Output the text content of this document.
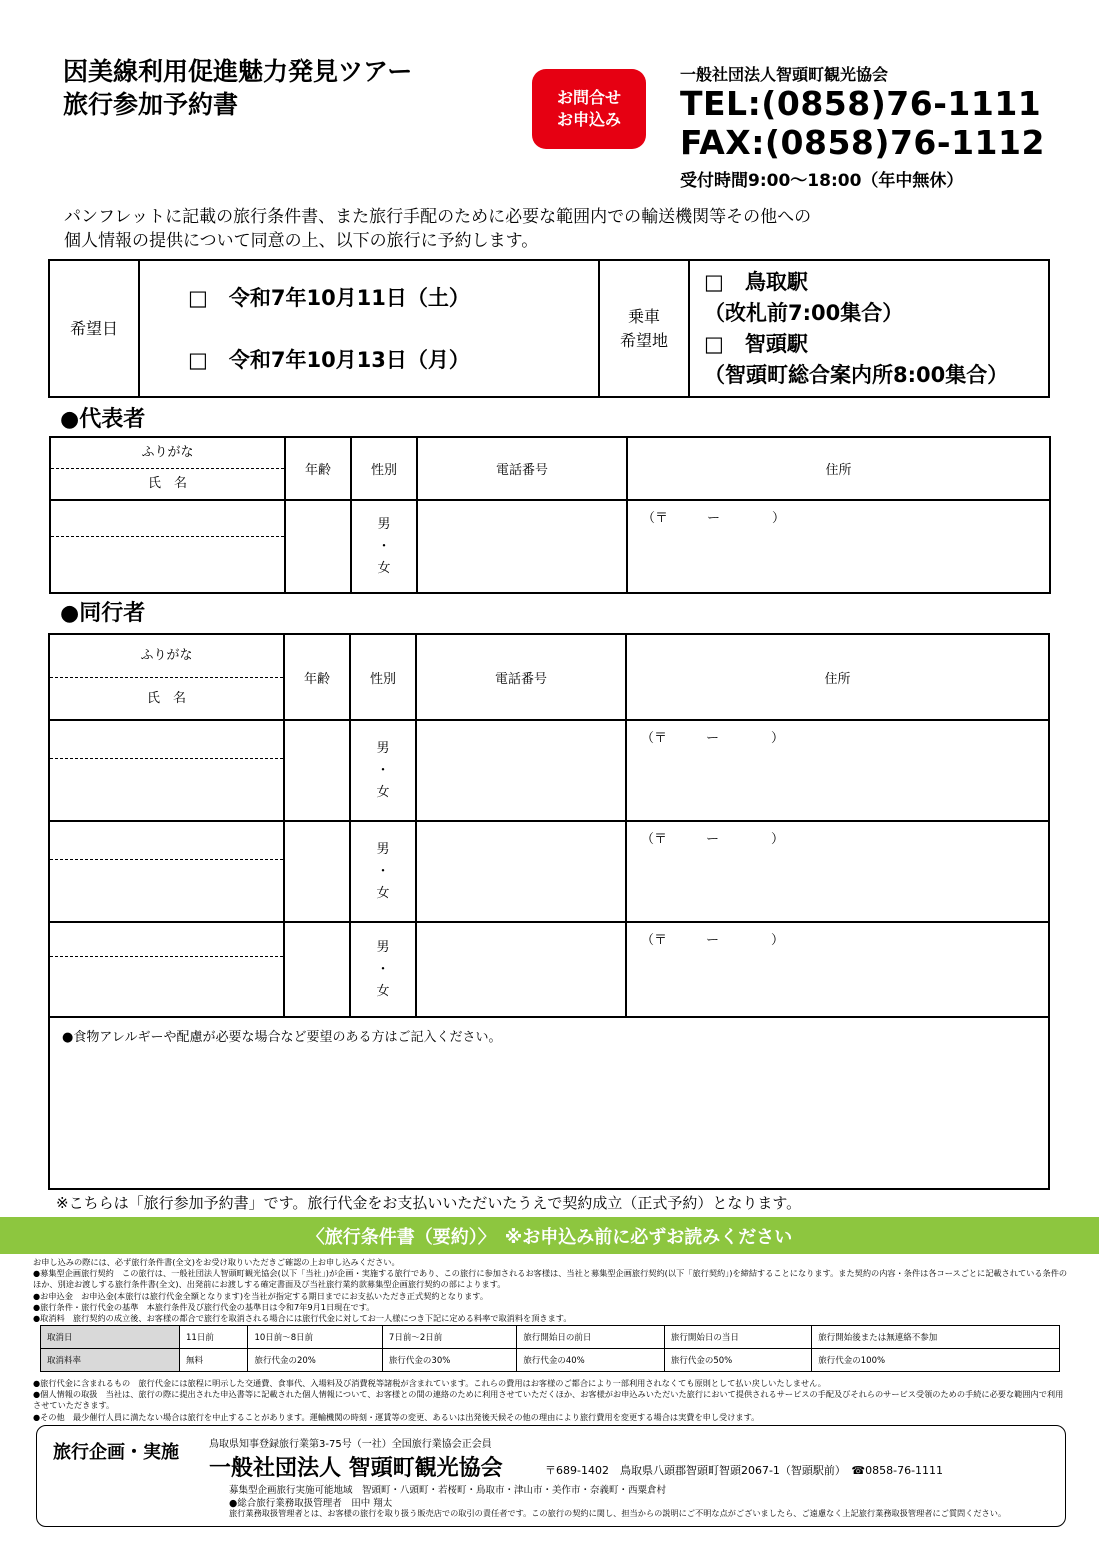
因美線利用促進魅力発見ツアー
旅行参加予約書	お問合せ
お申込み
一般社団法人智頭町観光協会
TEL:(0858)76-1111
FAX:(0858)76-1112
受付時間9:00～18:00（年中無休）
パンフレットに記載の旅行条件書、また旅行手配のために必要な範囲内での輸送機関等その他への
個人情報の提供について同意の上、以下の旅行に予約します。
希望日	
□　令和7年10月11日（土）
□　令和7年10月13日（月）

乗車
希望地

□　鳥取駅
（改札前7:00集合）
□　智頭駅
（智頭町総合案内所8:00集合）
●代表者
ふりがな
氏　名	年齢	性別	電話番号	住所

		男
・
女		（〒　　　ー　　　　）
●同行者
ふりがな
氏　名	年齢	性別	電話番号	住所

		男
・
女		（〒　　　ー　　　　）

		男
・
女		（〒　　　ー　　　　）

		男
・
女		（〒　　　ー　　　　）
●食物アレルギーや配慮が必要な場合など要望のある方はご記入ください。				
※こちらは「旅行参加予約書」です。旅行代金をお支払いいただいたうえで契約成立（正式予約）となります。
〈旅行条件書（要約）〉　※お申込み前に必ずお読みください
お申し込みの際には、必ず旅行条件書(全文)をお受け取りいただきご確認の上お申し込みください。
●募集型企画旅行契約　この旅行は、一般社団法人智頭町観光協会(以下「当社」)が企画・実施する旅行であり、この旅行に参加されるお客様は、当社と募集型企画旅行契約(以下「旅行契約」)を締結することになります。また契約の内容・条件は各コースごとに記載されている条件のほか、別途お渡しする旅行条件書(全文)、出発前にお渡しする確定書面及び当社旅行業約款募集型企画旅行契約の部によります。
●お申込金　お申込金(本旅行は旅行代金全額となります)を当社が指定する期日までにお支払いただき正式契約となります。
●旅行条件・旅行代金の基準　本旅行条件及び旅行代金の基準日は令和7年9月1日現在です。
●取消料　旅行契約の成立後、お客様の都合で旅行を取消される場合には旅行代金に対してお一人様につき下記に定める料率で取消料を頂きます。
取消日	11日前	10日前～8日前	7日前～2日前	旅行開始日の前日	旅行開始日の当日	旅行開始後または無連絡不参加
取消料率	無料	旅行代金の20%	旅行代金の30%	旅行代金の40%	旅行代金の50%	旅行代金の100%
●旅行代金に含まれるもの　旅行代金には旅程に明示した交通費、食事代、入場料及び消費税等諸税が含まれています。これらの費用はお客様のご都合により一部利用されなくても原則として払い戻しいたしません。
●個人情報の取扱　当社は、旅行の際に提出された申込書等に記載された個人情報について、お客様との間の連絡のために利用させていただくほか、お客様がお申込みいただいた旅行において提供されるサービスの手配及びそれらのサービス受領のための手続に必要な範囲内で利用させていただきます。
●その他　最少催行人員に満たない場合は旅行を中止することがあります。運輸機関の時刻・運賃等の変更、あるいは出発後天候その他の理由により旅行費用を変更する場合は実費を申し受けます。
旅行企画・実施	鳥取県知事登録旅行業第3-75号（一社）全国旅行業協会正会員
一般社団法人 智頭町観光協会	〒689-1402　鳥取県八頭郡智頭町智頭2067-1（智頭駅前）　☎0858-76-1111
募集型企画旅行実施可能地域　智頭町・八頭町・若桜町・鳥取市・津山市・美作市・奈義町・西粟倉村
●総合旅行業務取扱管理者　田中 翔太
旅行業務取扱管理者とは、お客様の旅行を取り扱う販売店での取引の責任者です。この旅行の契約に関し、担当からの説明にご不明な点がございましたら、ご遠慮なく上記旅行業務取扱管理者にご質問ください。
